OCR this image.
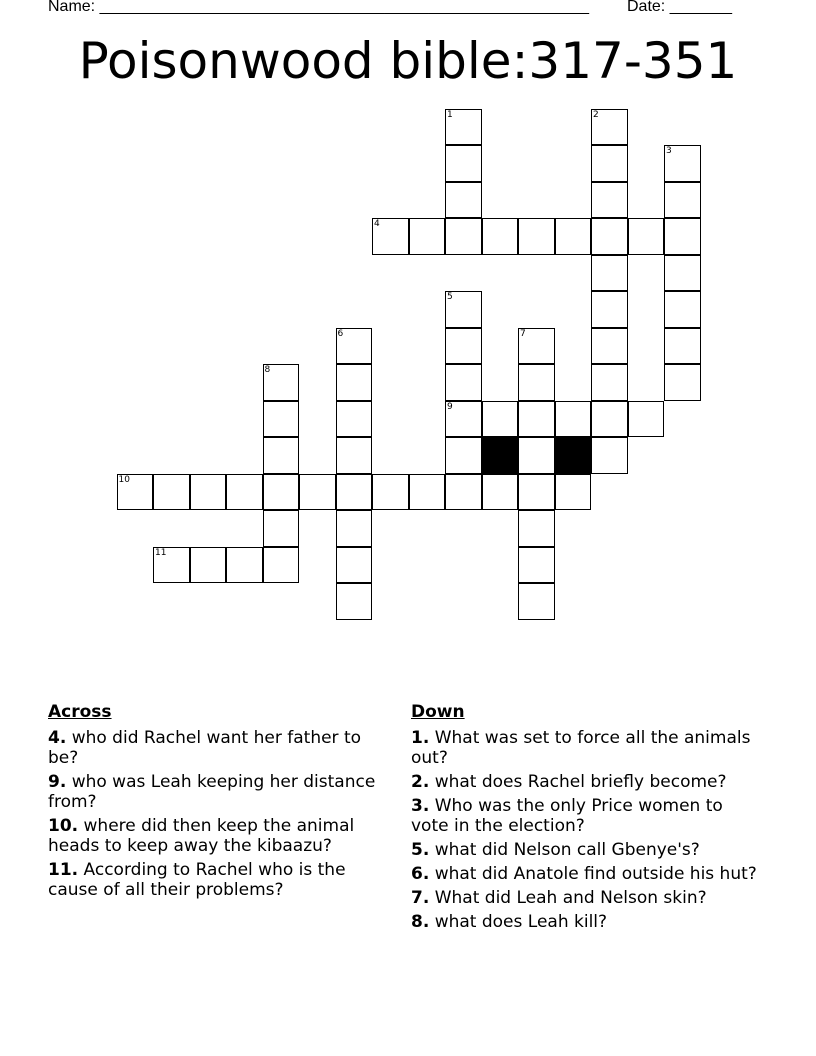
Name: _______________________________________________________ Date: _______
Poisonwood bible:317-351
1	2
3
4
5
6	7
8
9
10
11
Across
4. who did Rachel want her father to be?
9. who was Leah keeping her distance from?
10. where did then keep the animal heads to keep away the kibaazu?
11. According to Rachel who is the cause of all their problems?
Down
1. What was set to force all the animals out?
2. what does Rachel briefly become?
3. Who was the only Price women to vote in the election?
5. what did Nelson call Gbenye's?
6. what did Anatole find outside his hut?
7. What did Leah and Nelson skin?
8. what does Leah kill?
